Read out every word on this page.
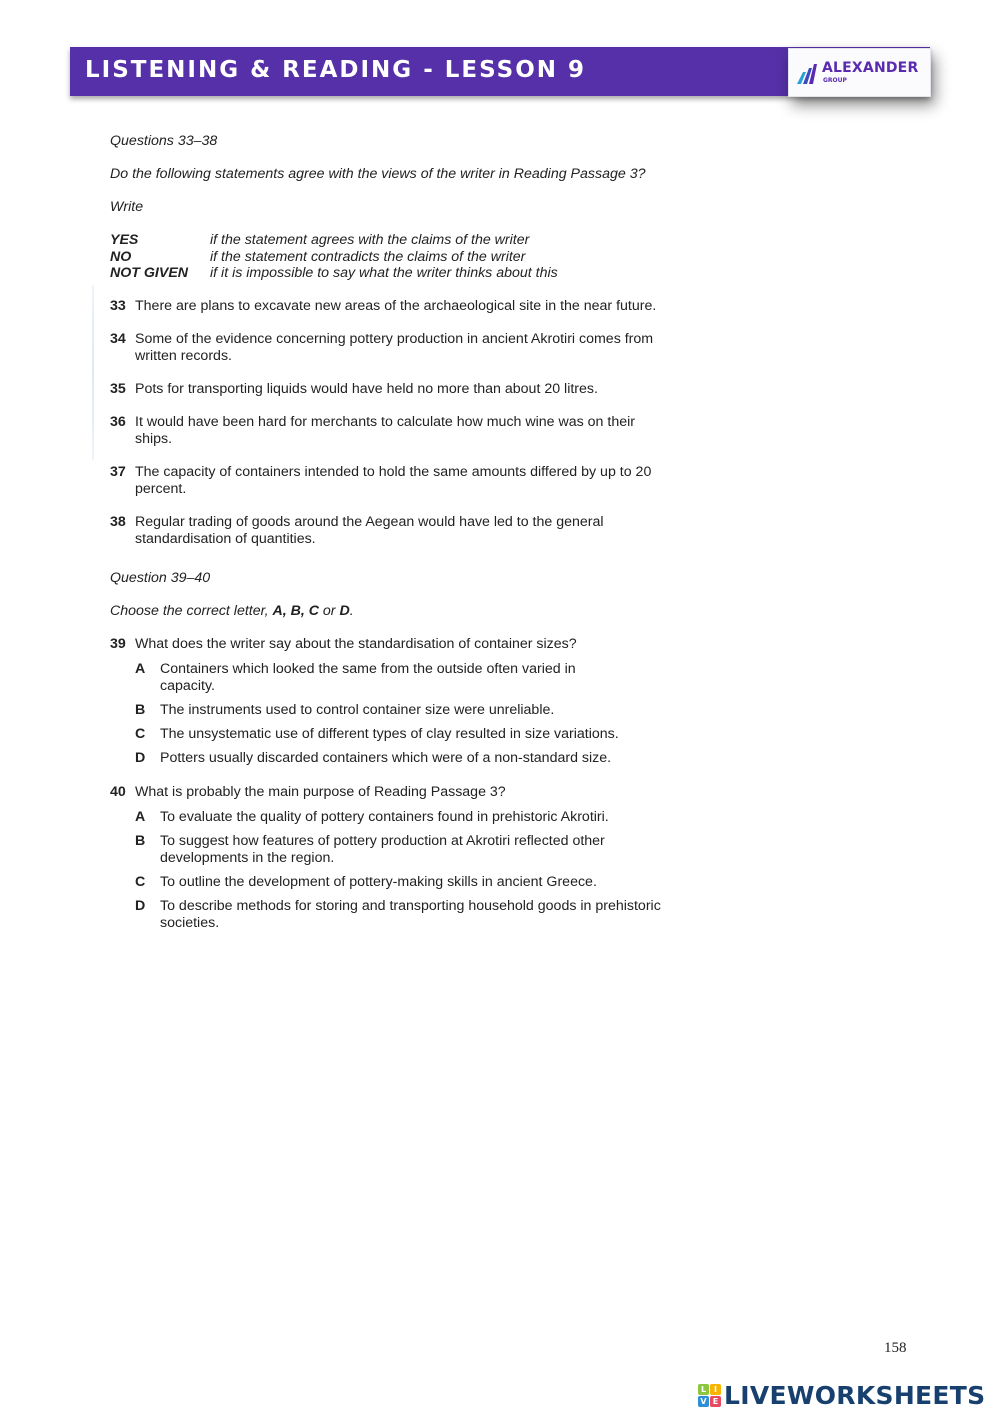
LISTENING & READING - LESSON 9	ALEXANDER
GROUP
Questions 33–38
Do the following statements agree with the views of the writer in Reading Passage 3?
Write
YES	if the statement agrees with the claims of the writer
NO	if the statement contradicts the claims of the writer
NOT GIVEN	if it is impossible to say what the writer thinks about this
33 There are plans to excavate new areas of the archaeological site in the near future.
34 Some of the evidence concerning pottery production in ancient Akrotiri comes from written records.
35 Pots for transporting liquids would have held no more than about 20 litres.
36 It would have been hard for merchants to calculate how much wine was on their ships.
37 The capacity of containers intended to hold the same amounts differed by up to 20 percent.
38 Regular trading of goods around the Aegean would have led to the general standardisation of quantities.
Question 39–40
Choose the correct letter, A, B, C or D.
39 What does the writer say about the standardisation of container sizes?
A	Containers which looked the same from the outside often varied in capacity.
B	The instruments used to control container size were unreliable.
C	The unsystematic use of different types of clay resulted in size variations.
D	Potters usually discarded containers which were of a non-standard size.
40 What is probably the main purpose of Reading Passage 3?
A	To evaluate the quality of pottery containers found in prehistoric Akrotiri.
B	To suggest how features of pottery production at Akrotiri reflected other developments in the region.
C	To outline the development of pottery-making skills in ancient Greece.
D	To describe methods for storing and transporting household goods in prehistoric societies.
158
L I
V E LIVEWORKSHEETS
